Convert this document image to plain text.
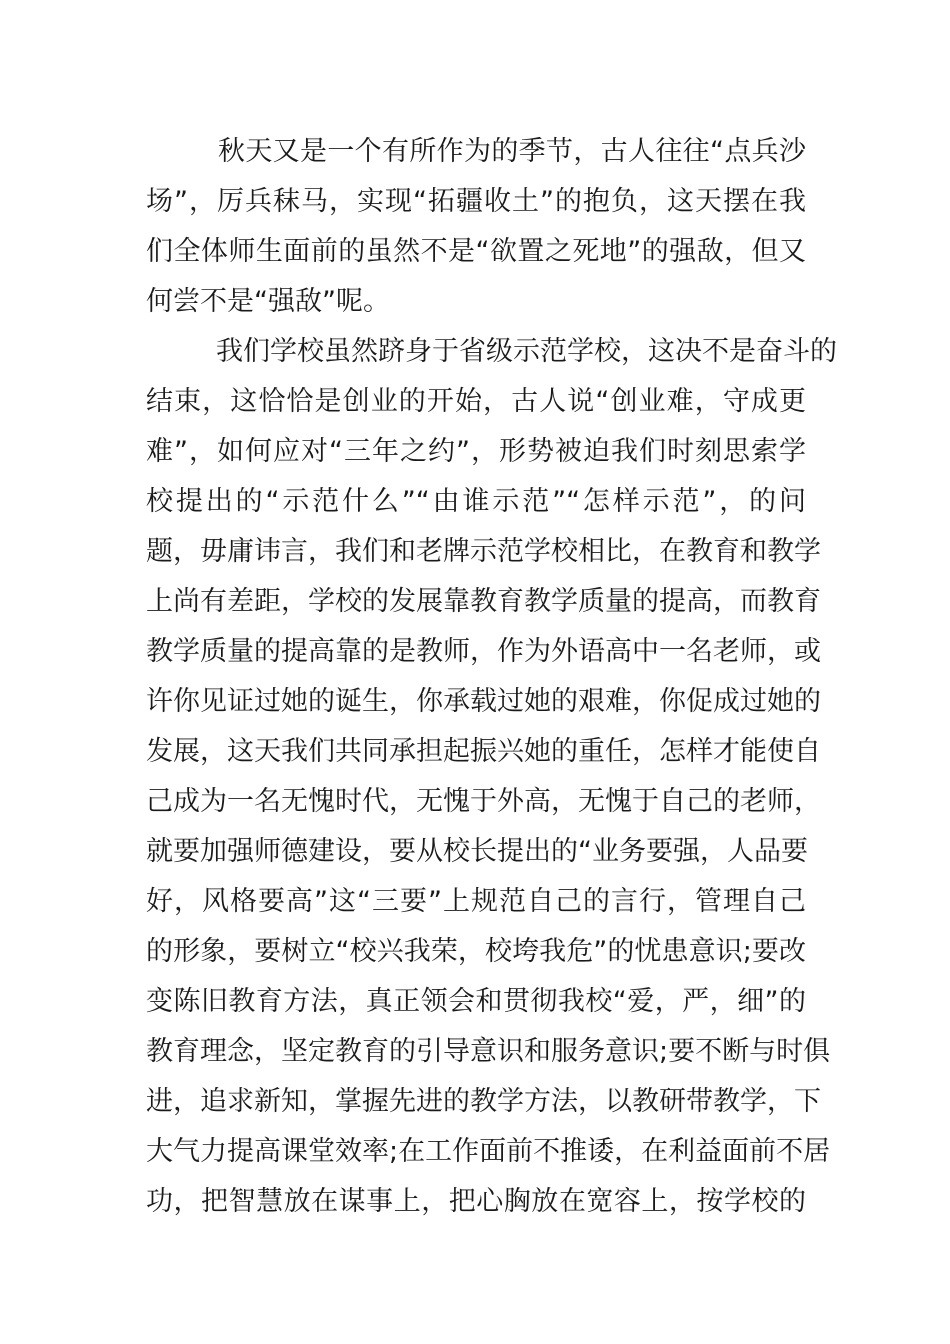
秋天又是一个有所作为的季节，古人往往“点兵沙
场”，厉兵秣马，实现“拓疆收土”的抱负，这天摆在我
们全体师生面前的虽然不是“欲置之死地”的强敌，但又
何尝不是“强敌”呢。
我们学校虽然跻身于省级示范学校，这决不是奋斗的
结束，这恰恰是创业的开始，古人说“创业难，守成更
难”，如何应对“三年之约”，形势被迫我们时刻思索学
校提出的“示范什么”“由谁示范”“怎样示范”，的问
题，毋庸讳言，我们和老牌示范学校相比，在教育和教学
上尚有差距，学校的发展靠教育教学质量的提高，而教育
教学质量的提高靠的是教师，作为外语高中一名老师，或
许你见证过她的诞生，你承载过她的艰难，你促成过她的
发展，这天我们共同承担起振兴她的重任，怎样才能使自
己成为一名无愧时代，无愧于外高，无愧于自己的老师，
就要加强师德建设，要从校长提出的“业务要强，人品要
好，风格要高”这“三要”上规范自己的言行，管理自己
的形象，要树立“校兴我荣，校垮我危”的忧患意识;要改
变陈旧教育方法，真正领会和贯彻我校“爱，严，细”的
教育理念，坚定教育的引导意识和服务意识;要不断与时俱
进，追求新知，掌握先进的教学方法，以教研带教学，下
大气力提高课堂效率;在工作面前不推诿，在利益面前不居
功，把智慧放在谋事上，把心胸放在宽容上，按学校的
